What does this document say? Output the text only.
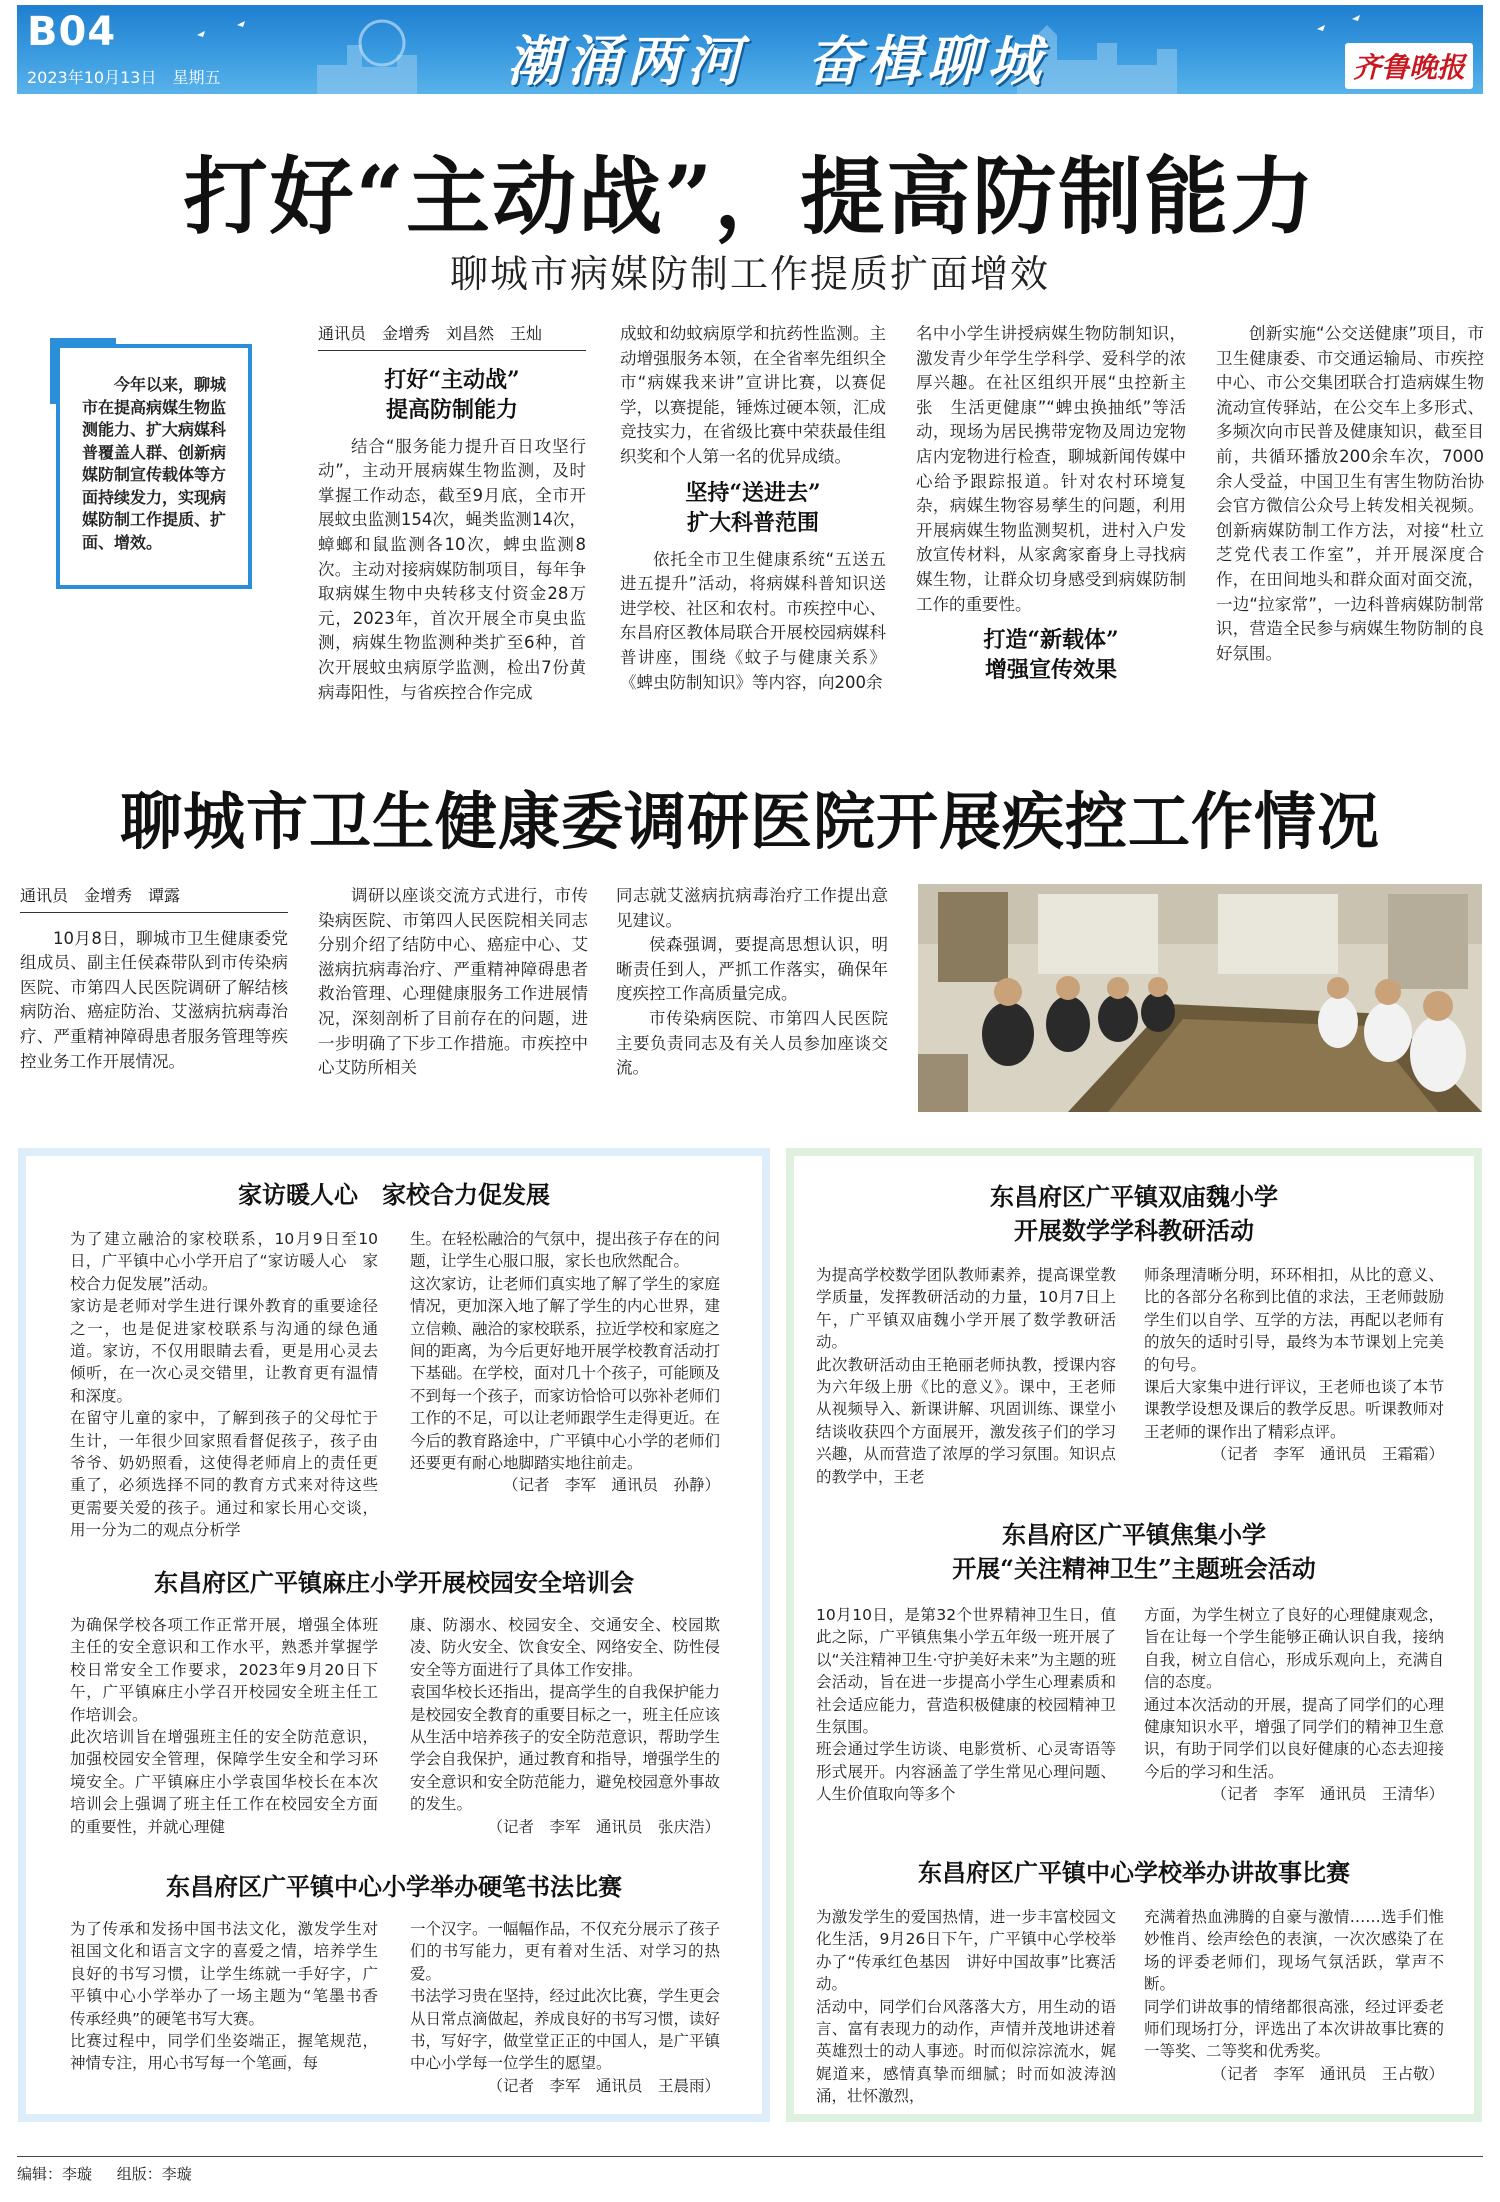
B04
2023年10月13日　星期五	潮涌两河　奋楫聊城	齐鲁晚报
打好“主动战”，提高防制能力
聊城市病媒防制工作提质扩面增效

今年以来，聊城市在提高病媒生物监测能力、扩大病媒科普覆盖人群、创新病媒防制宣传载体等方面持续发力，实现病媒防制工作提质、扩面、增效。

通讯员　金增秀　刘昌然　王灿
打好“主动战”
提高防制能力

结合“服务能力提升百日攻坚行动”，主动开展病媒生物监测，及时掌握工作动态，截至9月底，全市开展蚊虫监测154次，蝇类监测14次，蟑螂和鼠监测各10次，蜱虫监测8次。主动对接病媒防制项目，每年争取病媒生物中央转移支付资金28万元，2023年，首次开展全市臭虫监测，病媒生物监测种类扩至6种，首次开展蚊虫病原学监测，检出7份黄病毒阳性，与省疾控合作完成

成蚊和幼蚊病原学和抗药性监测。主动增强服务本领，在全省率先组织全市“病媒我来讲”宣讲比赛，以赛促学，以赛提能，锤炼过硬本领，汇成竞技实力，在省级比赛中荣获最佳组织奖和个人第一名的优异成绩。

坚持“送进去”
扩大科普范围

依托全市卫生健康系统“五送五进五提升”活动，将病媒科普知识送进学校、社区和农村。市疾控中心、东昌府区教体局联合开展校园病媒科普讲座，围绕《蚊子与健康关系》《蜱虫防制知识》等内容，向200余

名中小学生讲授病媒生物防制知识，激发青少年学生学科学、爱科学的浓厚兴趣。在社区组织开展“虫控新主张　生活更健康”“蜱虫换抽纸”等活动，现场为居民携带宠物及周边宠物店内宠物进行检查，聊城新闻传媒中心给予跟踪报道。针对农村环境复杂，病媒生物容易孳生的问题，利用开展病媒生物监测契机，进村入户发放宣传材料，从家禽家畜身上寻找病媒生物，让群众切身感受到病媒防制工作的重要性。

打造“新载体”
增强宣传效果

创新实施“公交送健康”项目，市卫生健康委、市交通运输局、市疾控中心、市公交集团联合打造病媒生物流动宣传驿站，在公交车上多形式、多频次向市民普及健康知识，截至目前，共循环播放200余车次，7000余人受益，中国卫生有害生物防治协会官方微信公众号上转发相关视频。创新病媒防制工作方法，对接“杜立芝党代表工作室”，并开展深度合作，在田间地头和群众面对面交流，一边“拉家常”，一边科普病媒防制常识，营造全民参与病媒生物防制的良好氛围。

聊城市卫生健康委调研医院开展疾控工作情况
通讯员　金增秀　谭露

10月8日，聊城市卫生健康委党组成员、副主任侯森带队到市传染病医院、市第四人民医院调研了解结核病防治、癌症防治、艾滋病抗病毒治疗、严重精神障碍患者服务管理等疾控业务工作开展情况。

调研以座谈交流方式进行，市传染病医院、市第四人民医院相关同志分别介绍了结防中心、癌症中心、艾滋病抗病毒治疗、严重精神障碍患者救治管理、心理健康服务工作进展情况，深刻剖析了目前存在的问题，进一步明确了下步工作措施。市疾控中心艾防所相关

同志就艾滋病抗病毒治疗工作提出意见建议。

侯森强调，要提高思想认识，明晰责任到人，严抓工作落实，确保年度疾控工作高质量完成。

市传染病医院、市第四人民医院主要负责同志及有关人员参加座谈交流。

家访暖人心　家校合力促发展
为了建立融洽的家校联系，10月9日至10日，广平镇中心小学开启了“家访暖人心　家校合力促发展”活动。
家访是老师对学生进行课外教育的重要途径之一，也是促进家校联系与沟通的绿色通道。家访，不仅用眼睛去看，更是用心灵去倾听，在一次心灵交错里，让教育更有温情和深度。
在留守儿童的家中，了解到孩子的父母忙于生计，一年很少回家照看督促孩子，孩子由爷爷、奶奶照看，这使得老师肩上的责任更重了，必须选择不同的教育方式来对待这些更需要关爱的孩子。通过和家长用心交谈，用一分为二的观点分析学
生。在轻松融洽的气氛中，提出孩子存在的问题，让学生心服口服，家长也欣然配合。
这次家访，让老师们真实地了解了学生的家庭情况，更加深入地了解了学生的内心世界，建立信赖、融洽的家校联系，拉近学校和家庭之间的距离，为今后更好地开展学校教育活动打下基础。在学校，面对几十个孩子，可能顾及不到每一个孩子，而家访恰恰可以弥补老师们工作的不足，可以让老师跟学生走得更近。在今后的教育路途中，广平镇中心小学的老师们还要更有耐心地脚踏实地往前走。
（记者　李军　通讯员　孙静）
东昌府区广平镇麻庄小学开展校园安全培训会
为确保学校各项工作正常开展，增强全体班主任的安全意识和工作水平，熟悉并掌握学校日常安全工作要求，2023年9月20日下午，广平镇麻庄小学召开校园安全班主任工作培训会。
此次培训旨在增强班主任的安全防范意识，加强校园安全管理，保障学生安全和学习环境安全。广平镇麻庄小学袁国华校长在本次培训会上强调了班主任工作在校园安全方面的重要性，并就心理健
康、防溺水、校园安全、交通安全、校园欺凌、防火安全、饮食安全、网络安全、防性侵安全等方面进行了具体工作安排。
袁国华校长还指出，提高学生的自我保护能力是校园安全教育的重要目标之一，班主任应该从生活中培养孩子的安全防范意识，帮助学生学会自我保护，通过教育和指导，增强学生的安全意识和安全防范能力，避免校园意外事故的发生。
（记者　李军　通讯员　张庆浩）
东昌府区广平镇中心小学举办硬笔书法比赛
为了传承和发扬中国书法文化，激发学生对祖国文化和语言文字的喜爱之情，培养学生良好的书写习惯，让学生练就一手好字，广平镇中心小学举办了一场主题为“笔墨书香　传承经典”的硬笔书写大赛。
比赛过程中，同学们坐姿端正，握笔规范，神情专注，用心书写每一个笔画，每
一个汉字。一幅幅作品，不仅充分展示了孩子们的书写能力，更有着对生活、对学习的热爱。
书法学习贵在坚持，经过此次比赛，学生更会从日常点滴做起，养成良好的书写习惯，读好书，写好字，做堂堂正正的中国人，是广平镇中心小学每一位学生的愿望。
（记者　李军　通讯员　王晨雨）
东昌府区广平镇双庙魏小学
开展数学学科教研活动
为提高学校数学团队教师素养，提高课堂教学质量，发挥教研活动的力量，10月7日上午，广平镇双庙魏小学开展了数学教研活动。
此次教研活动由王艳丽老师执教，授课内容为六年级上册《比的意义》。课中，王老师从视频导入、新课讲解、巩固训练、课堂小结谈收获四个方面展开，激发孩子们的学习兴趣，从而营造了浓厚的学习氛围。知识点的教学中，王老
师条理清晰分明，环环相扣，从比的意义、比的各部分名称到比值的求法，王老师鼓励学生们以自学、互学的方法，再配以老师有的放矢的适时引导，最终为本节课划上完美的句号。
课后大家集中进行评议，王老师也谈了本节课教学设想及课后的教学反思。听课教师对王老师的课作出了精彩点评。
（记者　李军　通讯员　王霜霜）
东昌府区广平镇焦集小学
开展“关注精神卫生”主题班会活动
10月10日，是第32个世界精神卫生日，值此之际，广平镇焦集小学五年级一班开展了以“关注精神卫生·守护美好未来”为主题的班会活动，旨在进一步提高小学生心理素质和社会适应能力，营造积极健康的校园精神卫生氛围。
班会通过学生访谈、电影赏析、心灵寄语等形式展开。内容涵盖了学生常见心理问题、人生价值取向等多个
方面，为学生树立了良好的心理健康观念，旨在让每一个学生能够正确认识自我，接纳自我，树立自信心，形成乐观向上，充满自信的态度。
通过本次活动的开展，提高了同学们的心理健康知识水平，增强了同学们的精神卫生意识，有助于同学们以良好健康的心态去迎接今后的学习和生活。
（记者　李军　通讯员　王清华）
东昌府区广平镇中心学校举办讲故事比赛
为激发学生的爱国热情，进一步丰富校园文化生活，9月26日下午，广平镇中心学校举办了“传承红色基因　讲好中国故事”比赛活动。
活动中，同学们台风落落大方，用生动的语言、富有表现力的动作，声情并茂地讲述着英雄烈士的动人事迹。时而似淙淙流水，娓娓道来，感情真挚而细腻；时而如波涛汹涌，壮怀激烈，
充满着热血沸腾的自豪与激情……选手们惟妙惟肖、绘声绘色的表演，一次次感染了在场的评委老师们，现场气氛活跃，掌声不断。
同学们讲故事的情绪都很高涨，经过评委老师们现场打分，评选出了本次讲故事比赛的一等奖、二等奖和优秀奖。
（记者　李军　通讯员　王占敬）
编辑：李璇 组版：李璇
